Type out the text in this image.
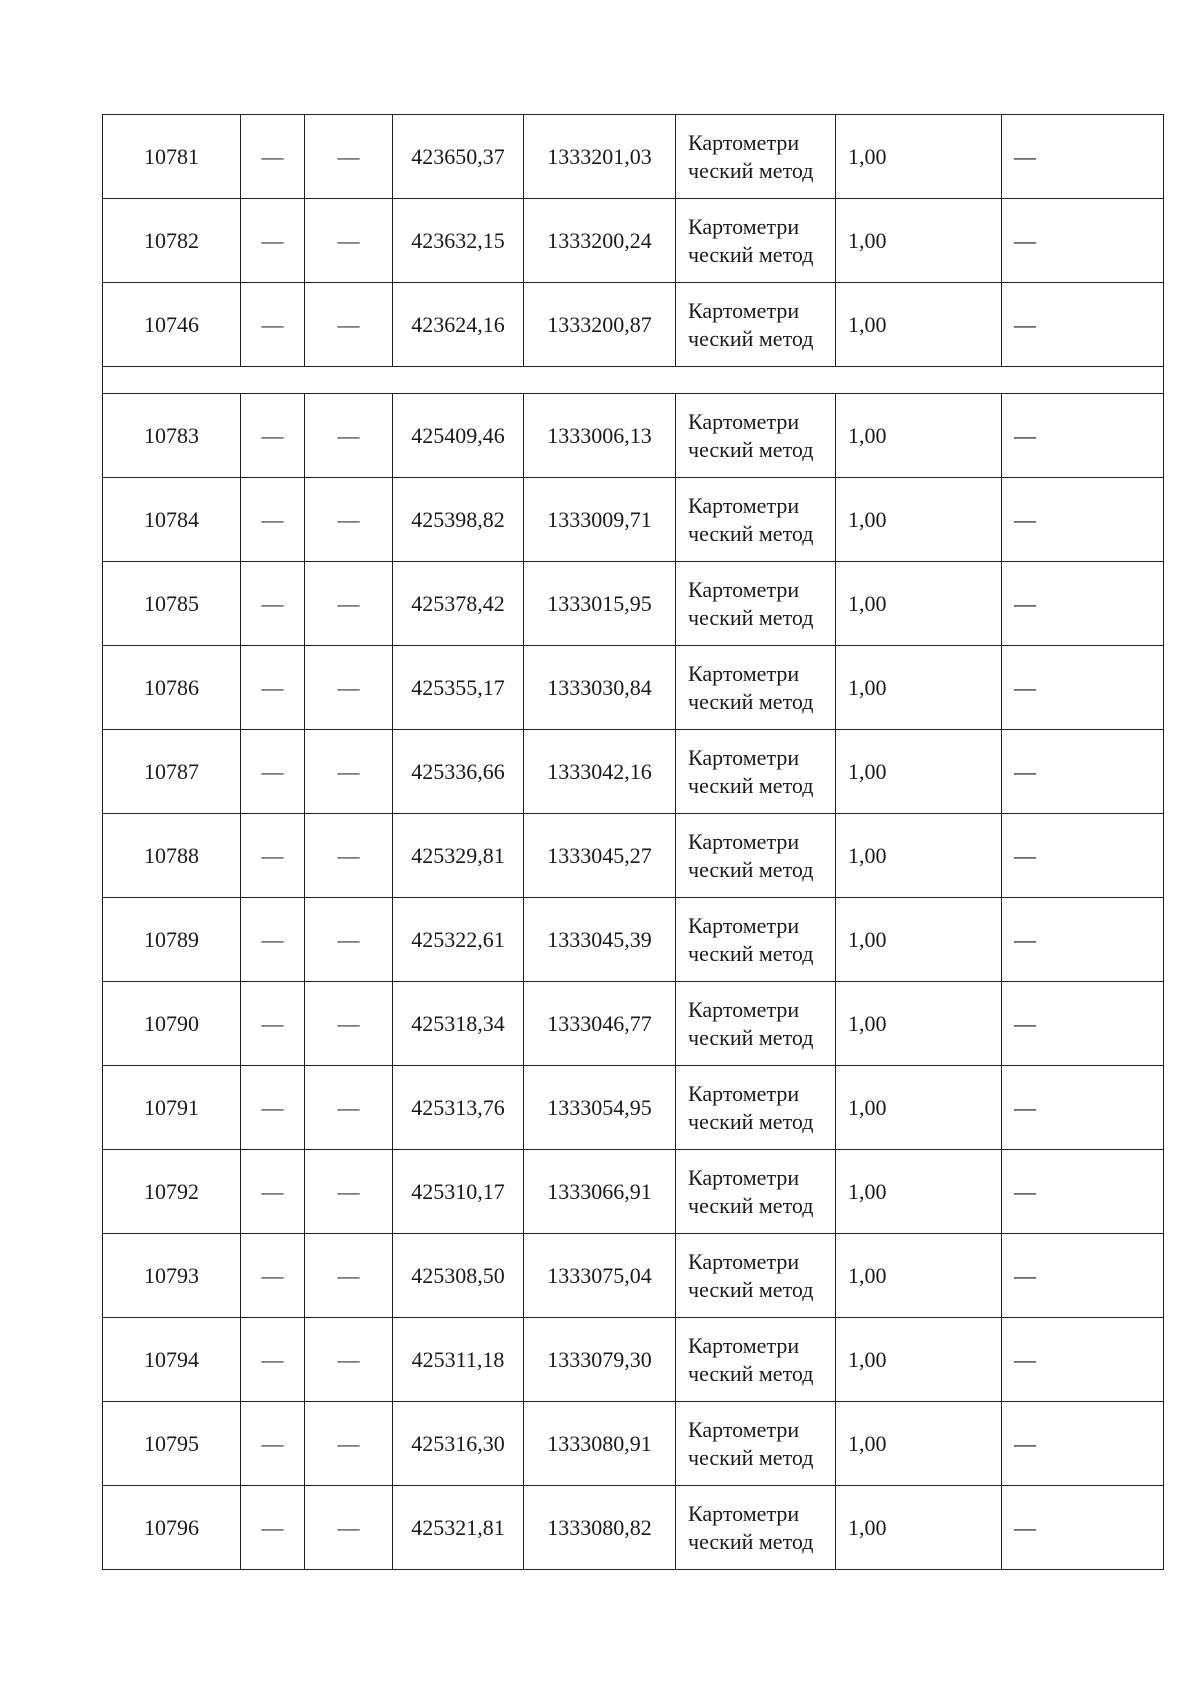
10781	—	—	423650,37	1333201,03	Картометри ческий метод	1,00	—
10782	—	—	423632,15	1333200,24	Картометри ческий метод	1,00	—
10746	—	—	423624,16	1333200,87	Картометри ческий метод	1,00	—

10783	—	—	425409,46	1333006,13	Картометри ческий метод	1,00	—
10784	—	—	425398,82	1333009,71	Картометри ческий метод	1,00	—
10785	—	—	425378,42	1333015,95	Картометри ческий метод	1,00	—
10786	—	—	425355,17	1333030,84	Картометри ческий метод	1,00	—
10787	—	—	425336,66	1333042,16	Картометри ческий метод	1,00	—
10788	—	—	425329,81	1333045,27	Картометри ческий метод	1,00	—
10789	—	—	425322,61	1333045,39	Картометри ческий метод	1,00	—
10790	—	—	425318,34	1333046,77	Картометри ческий метод	1,00	—
10791	—	—	425313,76	1333054,95	Картометри ческий метод	1,00	—
10792	—	—	425310,17	1333066,91	Картометри ческий метод	1,00	—
10793	—	—	425308,50	1333075,04	Картометри ческий метод	1,00	—
10794	—	—	425311,18	1333079,30	Картометри ческий метод	1,00	—
10795	—	—	425316,30	1333080,91	Картометри ческий метод	1,00	—
10796	—	—	425321,81	1333080,82	Картометри ческий метод	1,00	—
